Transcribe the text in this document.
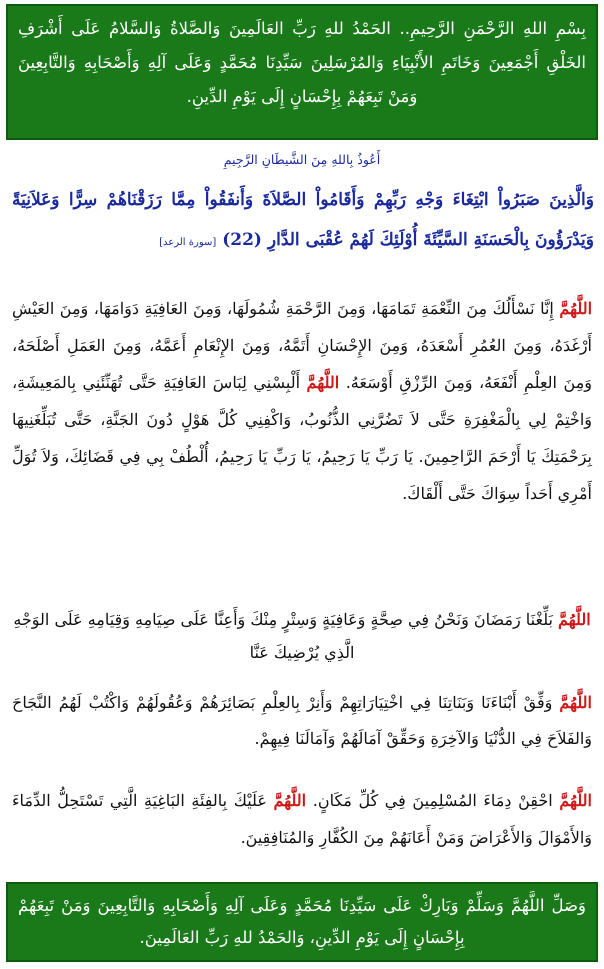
بِسْمِ اللهِ الرَّحْمَنِ الرَّحِيمِ.. الحَمْدُ للهِ رَبِّ العَالَمِينَ وَالصَّلاةُ وَالسَّلامُ عَلَى أَشْرَفِ الخَلْقِ أَجْمَعِينَ وَخَاتَمِ الأَنْبِيَاءِ وَالمُرْسَلِينَ سَيِّدِنَا مُحَمَّدٍ وَعَلَى آلِهِ وَأَصْحَابِهِ وَالتَّابِعِينَ وَمَنْ تَبِعَهُمْ بِإِحْسَانٍ إِلَى يَوْمِ الدِّينِ.
أَعُوذُ بِاللهِ مِنَ الشَّيطَانِ الرَّجِيمِ
وَالَّذِينَ صَبَرُواْ ابْتِغَاءَ وَجْهِ رَبِّهِمْ وَأَقَامُواْ الصَّلاَةَ وَأَنفَقُواْ مِمَّا رَزَقْنَاهُمْ سِرًّا وَعَلاَنِيَةً وَيَدْرَؤُونَ بِالْحَسَنَةِ السَّيِّئَةَ أُوْلَئِكَ لَهُمْ عُقْبَى الدَّارِ (22) [سورة الرعد]
اللَّهُمَّ إِنَّا نَسْأَلُكَ مِنَ النِّعْمَةِ تَمَامَهَا، وَمِنَ الرَّحْمَةِ شُمُولَهَا، وَمِنَ العَافِيَةِ دَوَامَهَا، وَمِنَ العَيْشِ أَرْغَدَهُ، وَمِنَ العُمُرِ أَسْعَدَهُ، وَمِنَ الإِحْسَانِ أَتَمَّهُ، وَمِنَ الإِنْعَامِ أَعَمَّهُ، وَمِنَ العَمَلِ أَصْلَحَهُ، وَمِنَ العِلْمِ أَنْفَعَهُ، وَمِنَ الرِّزْقِ أَوْسَعَهُ. اللَّهُمَّ أَلْبِسْنِي لِبَاسَ العَافِيَةِ حَتَّى تُهَنِّئَنِي بِالمَعِيشَةِ، وَاخْتِمْ لِي بِالْمَغْفِرَةِ حَتَّى لاَ تَضُرَّنِي الذُّنُوبُ، وَاكْفِنِي كُلَّ هَوْلٍ دُونَ الجَنَّةِ، حَتَّى تُبَلِّغَنِيهَا بِرَحْمَتِكَ يَا أَرْحَمَ الرَّاحِمِينَ. يَا رَبِّ يَا رَحِيمُ، يَا رَبِّ يَا رَحِيمُ، أُلْطُفْ بِي فِي قَضَائِكَ، وَلاَ تُوَلِّ أَمْرِي أَحَداً سِوَاكَ حَتَّى أَلْقَاكَ.
اللَّهُمَّ بَلِّغْنَا رَمَضَانَ وَنَحْنُ فِي صِحَّةٍ وَعَافِيَةٍ وَسِتْرٍ مِنْكَ وَأَعِنَّا عَلَى صِيَامِهِ وَقِيَامِهِ عَلَى الوَجْهِ الَّذِي يُرْضِيكَ عَنَّا
اللَّهُمَّ وَفِّقْ أَبْنَاءَنَا وَبَنَاتِنَا فِي اخْتِيَارَاتِهِمْ وَأَنِرْ بِالعِلْمِ بَصَائِرَهُمْ وَعُقُولَهُمْ وَاكْتُبْ لَهُمُ النَّجَاحَ وَالفَلاَحَ فِي الدُّنْيَا وَالآخِرَةِ وَحَقِّقْ آمَالَهُمْ وَآمَالَنَا فِيهِمْ.
اللَّهُمَّ احْقِنْ دِمَاءَ المُسْلِمِينَ فِي كُلِّ مَكَانٍ. اللَّهُمَّ عَلَيْكَ بِالفِئَةِ البَاغِيَةِ الَّتِي تَسْتَحِلُّ الدِّمَاءَ وَالأَمْوَالَ وَالأَعْرَاضَ وَمَنْ أَعَانَهُمْ مِنَ الكُفَّارِ وَالمُنَافِقِينَ.
وَصَلِّ اللَّهُمَّ وَسَلِّمْ وَبَارِكْ عَلَى سَيِّدِنَا مُحَمَّدٍ وَعَلَى آلِهِ وَأَصْحَابِهِ وَالتَّابِعِينَ وَمَنْ تَبِعَهُمْ بِإِحْسَانٍ إِلَى يَوْمِ الدِّينِ، وَالحَمْدُ للهِ رَبِّ العَالَمِينَ.
